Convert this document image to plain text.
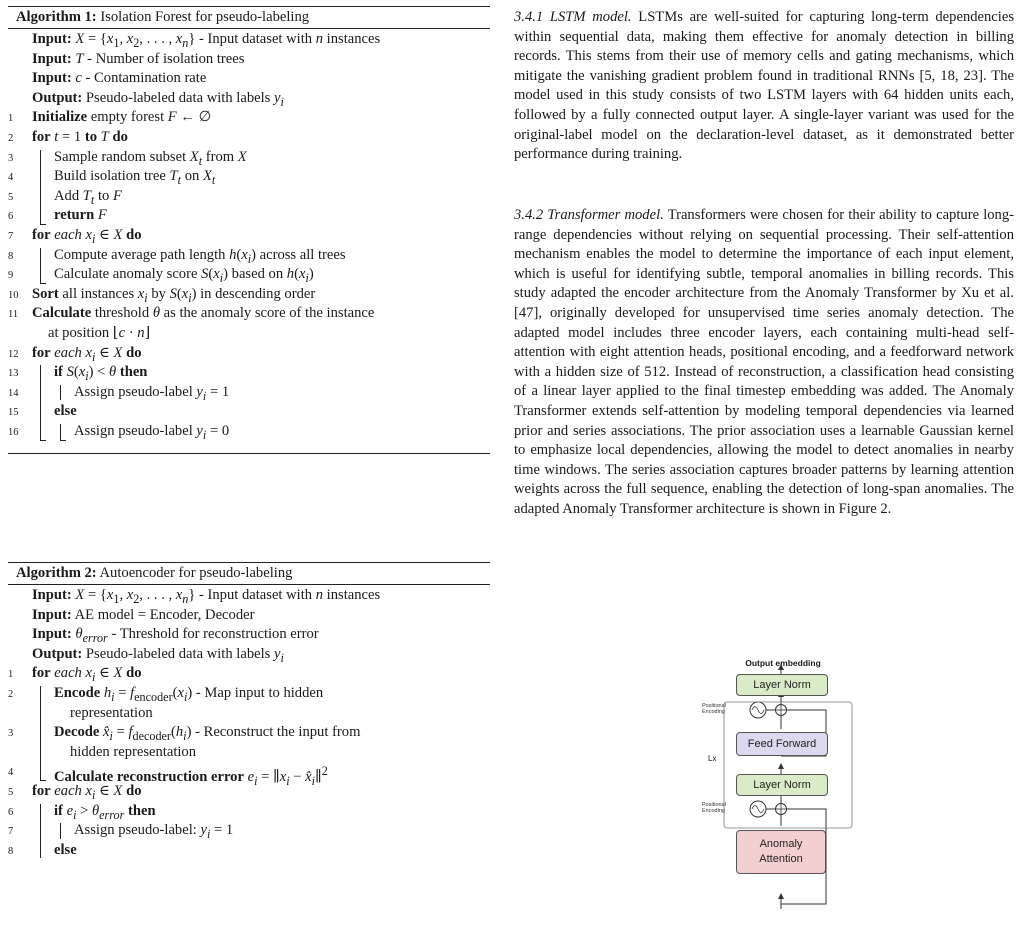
Algorithm 1: Isolation Forest for pseudo-labeling
Input: $X = \{x_1$, $x_2$, . . . , $x_n$} - Input dataset with n instances
Input: T - Number of isolation trees
Input: c - Contamination rate
Output: Pseudo-labeled data with labels $y_i$
1	Initialize empty forest F ← ∅
2	for t = 1 to T do
3	Sample random subset $X_t$ from X
4	Build isolation tree $T_t$ on $X_t$
5	Add $T_t$ to F
6	return F
7	for each $x_i$ ∈ X do
8	Compute average path length $h(x_i)$ across all trees
9	Calculate anomaly score $S(x_i)$ based on $h(x_i)$
10 Sort all instances $x_i$ by $S(x_i)$ in descending order
11 Calculate threshold θ as the anomaly score of the instance
at position ⌊c · n⌋
12 for each $x_i$ ∈ X do
13	if $S(x_i) < \theta$ then
14	Assign pseudo-label $y_i = 1$
15	else
16	Assign pseudo-label $y_i = 0$
Algorithm 2: Autoencoder for pseudo-labeling
Input: $X = \{x_1$, $x_2$, . . . , $x_n$} - Input dataset with n instances
Input: AE model = Encoder, Decoder
Input: $\theta_{error}$ - Threshold for reconstruction error
Output: Pseudo-labeled data with labels $y_i$
1	for each $x_i$ ∈ X do
2	Encode $h_i = f_{encoder}(x_i)$ - Map input to hidden
representation
3	Decode $x̂_i = f_{decoder}(h_i)$ - Reconstruct the input from
hidden representation
4	Calculate reconstruction error $e_i$ = $\parallel x_i$ − $x̂_i\parallel^2$
5	for each $x_i$ ∈ X do
6	if $e_i > \theta_{error}$ then
7	Assign pseudo-label: $y_i = 1$
8	else
3.4.1 LSTM model. LSTMs are well-suited for capturing long-term dependencies within sequential data, making them effective for anomaly detection in billing records. This stems from their use of memory cells and gating mechanisms, which mitigate the vanishing gradient problem found in traditional RNNs [5, 18, 23]. The model used in this study consists of two LSTM layers with 64 hidden units each, followed by a fully connected output layer. A single-layer variant was used for the original-label model on the declaration-level dataset, as it demonstrated better performance during training.
3.4.2 Transformer model. Transformers were chosen for their ability to capture long-range dependencies without relying on sequential processing. Their self-attention mechanism enables the model to determine the importance of each input element, which is useful for identifying subtle, temporal anomalies in billing records. This study adapted the encoder architecture from the Anomaly Transformer by Xu et al. [47], originally developed for unsupervised time series anomaly detection. The adapted model includes three encoder layers, each containing multi-head self-attention with eight attention heads, positional encoding, and a feedforward network with a hidden size of 512. Instead of reconstruction, a classification head consisting of a linear layer applied to the final timestep embedding was added. The Anomaly Transformer extends self-attention by modeling temporal dependencies via learned prior and series associations. The prior association uses a learnable Gaussian kernel to emphasize local dependencies, allowing the model to detect anomalies in nearby time windows. The series association captures broader patterns by learning attention weights across the full sequence, enabling the detection of long-span anomalies. The adapted Anomaly Transformer architecture is shown in Figure 2.
Output embedding
Layer Norm
Positional
Encoding
Feed Forward
Lx
Layer Norm
Positional
Encoding
Anomaly
Attention
